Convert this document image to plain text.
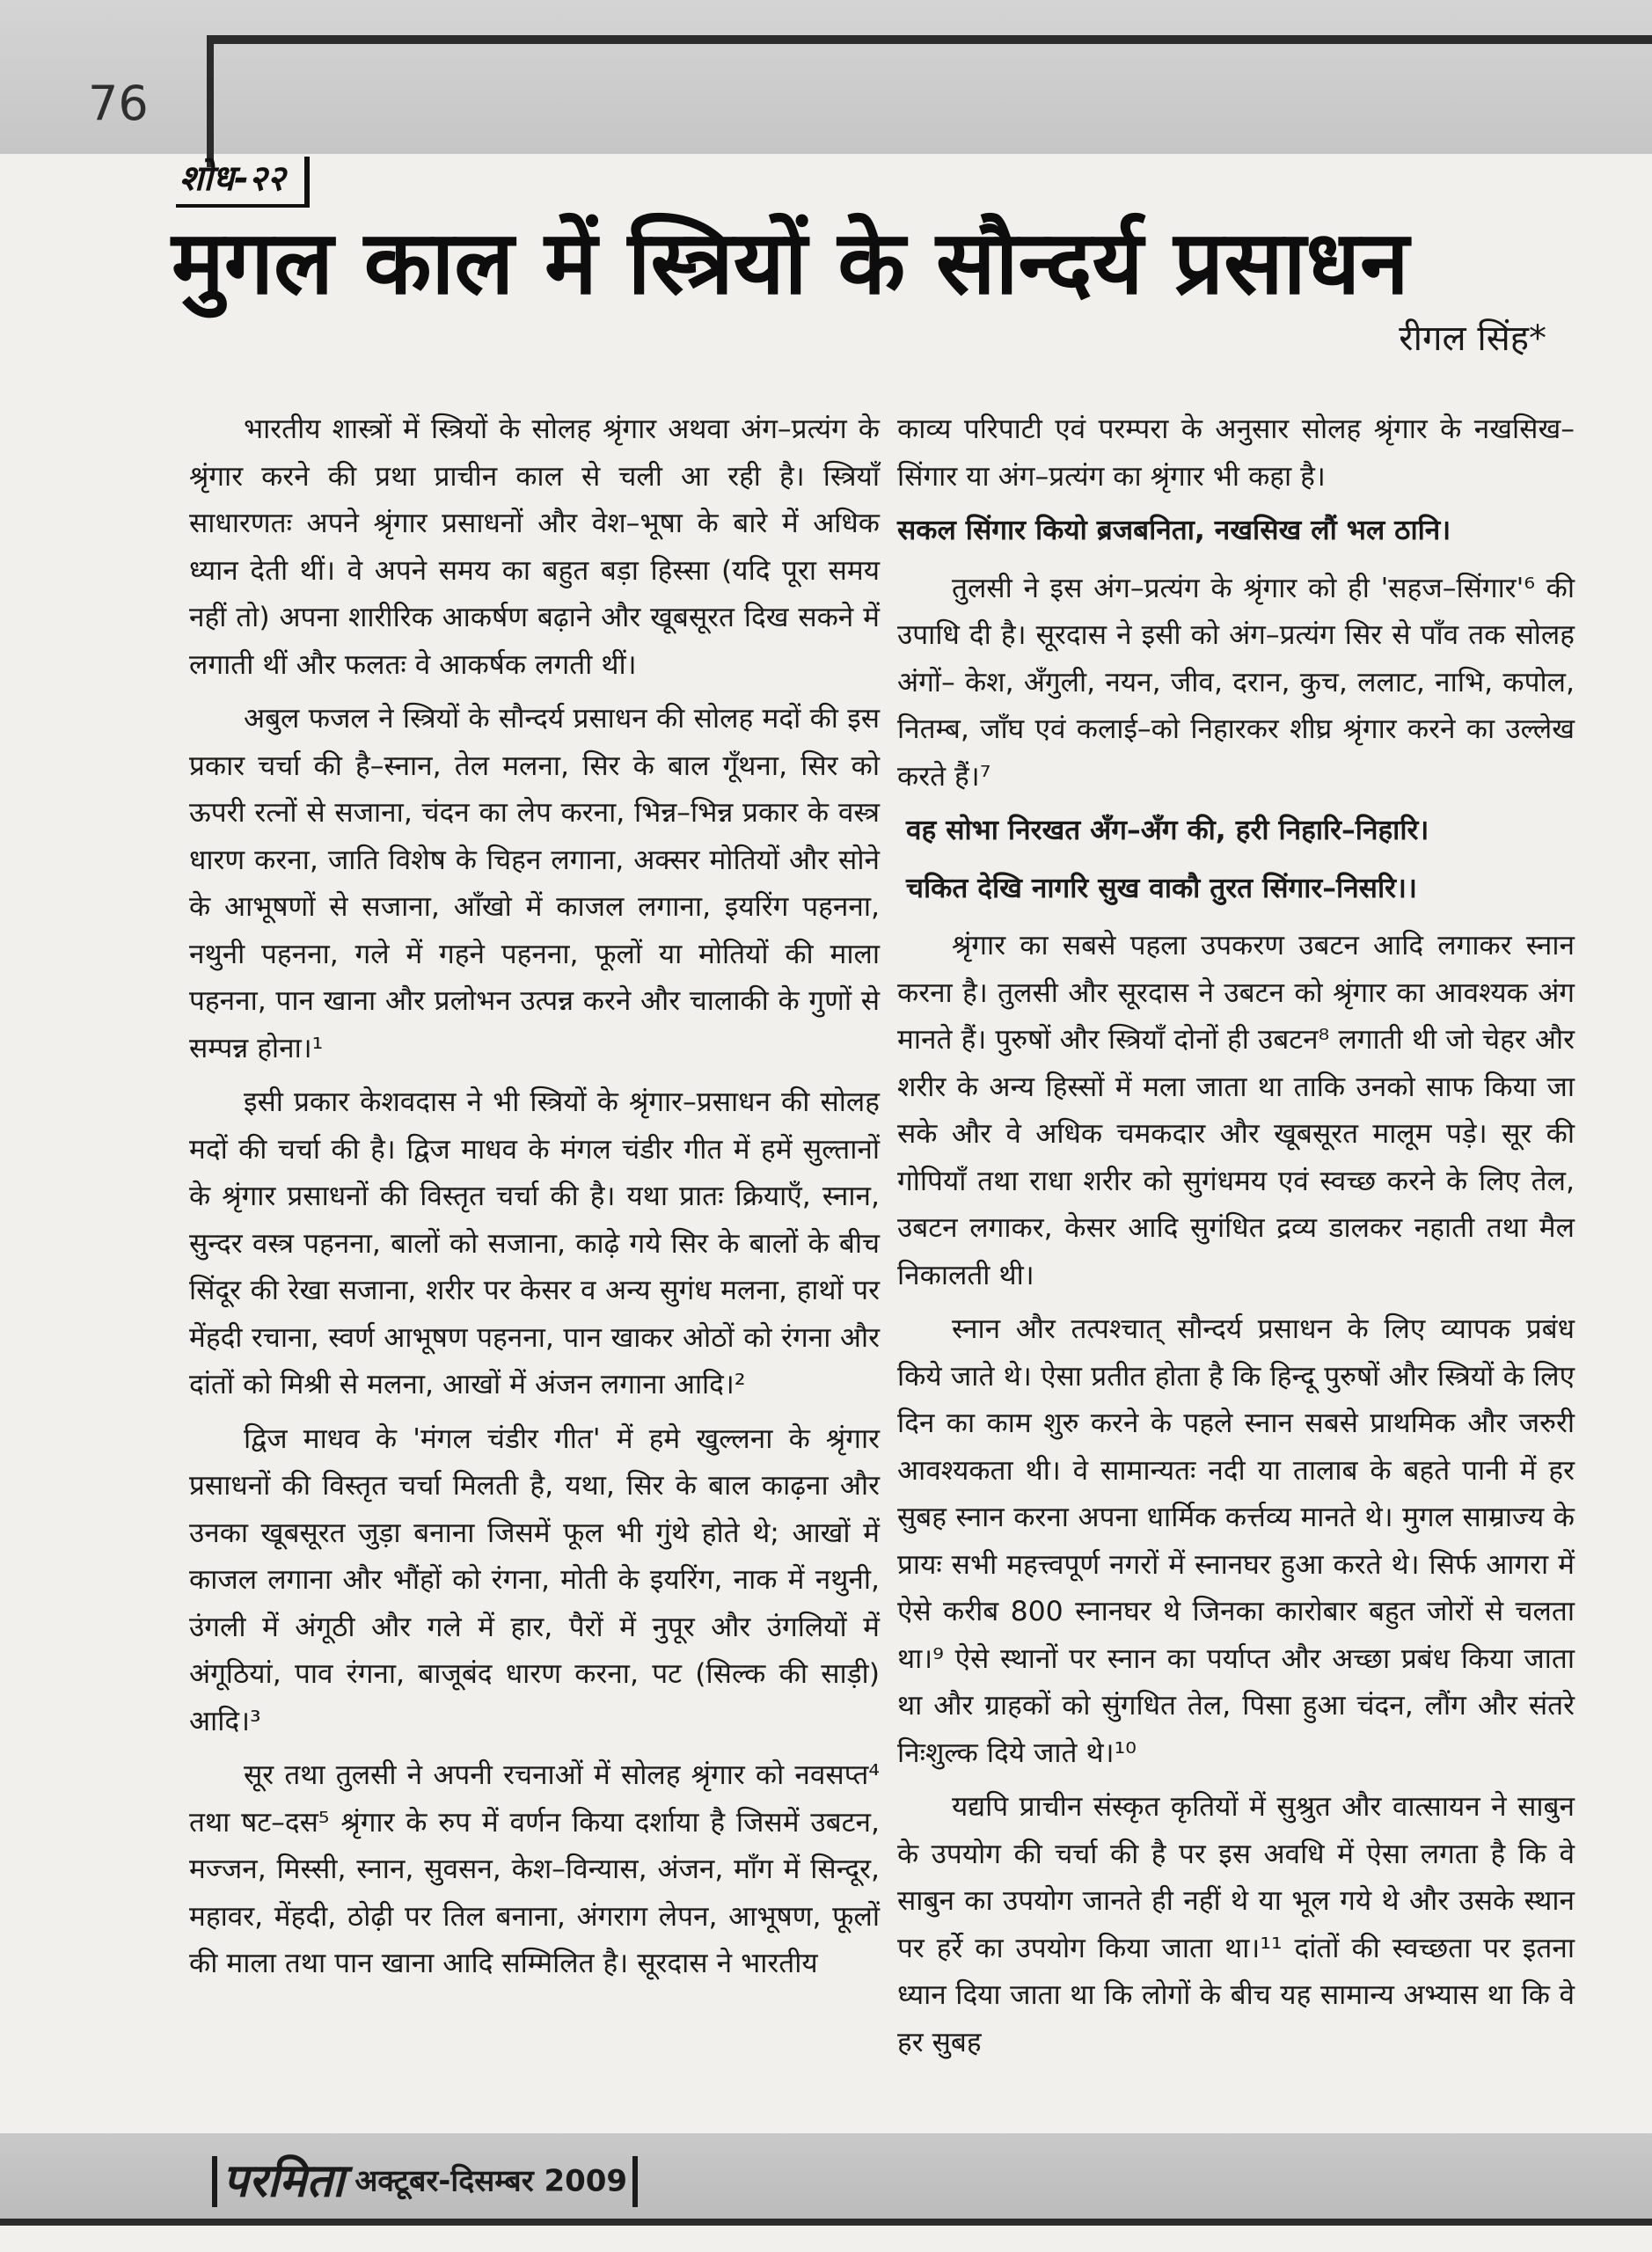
76
शोध-२२
मुगल काल में स्त्रियों के सौन्दर्य प्रसाधन
रीगल सिंह*

भारतीय शास्त्रों में स्त्रियों के सोलह श्रृंगार अथवा अंग–प्रत्यंग के श्रृंगार करने की प्रथा प्राचीन काल से चली आ रही है। स्त्रियाँ साधारणतः अपने श्रृंगार प्रसाधनों और वेश–भूषा के बारे में अधिक ध्यान देती थीं। वे अपने समय का बहुत बड़ा हिस्सा (यदि पूरा समय नहीं तो) अपना शारीरिक आकर्षण बढ़ाने और खूबसूरत दिख सकने में लगाती थीं और फलतः वे आकर्षक लगती थीं।

अबुल फजल ने स्त्रियों के सौन्दर्य प्रसाधन की सोलह मदों की इस प्रकार चर्चा की है–स्नान, तेल मलना, सिर के बाल गूँथना, सिर को ऊपरी रत्नों से सजाना, चंदन का लेप करना, भिन्न–भिन्न प्रकार के वस्त्र धारण करना, जाति विशेष के चिहन लगाना, अक्सर मोतियों और सोने के आभूषणों से सजाना, आँखो में काजल लगाना, इयरिंग पहनना, नथुनी पहनना, गले में गहने पहनना, फूलों या मोतियों की माला पहनना, पान खाना और प्रलोभन उत्पन्न करने और चालाकी के गुणों से सम्पन्न होना।¹

इसी प्रकार केशवदास ने भी स्त्रियों के श्रृंगार–प्रसाधन की सोलह मदों की चर्चा की है। द्विज माधव के मंगल चंडीर गीत में हमें सुल्तानों के श्रृंगार प्रसाधनों की विस्तृत चर्चा की है। यथा प्रातः क्रियाएँ, स्नान, सुन्दर वस्त्र पहनना, बालों को सजाना, काढ़े गये सिर के बालों के बीच सिंदूर की रेखा सजाना, शरीर पर केसर व अन्य सुगंध मलना, हाथों पर मेंहदी रचाना, स्वर्ण आभूषण पहनना, पान खाकर ओठों को रंगना और दांतों को मिश्री से मलना, आखों में अंजन लगाना आदि।²

द्विज माधव के 'मंगल चंडीर गीत' में हमे खुल्लना के श्रृंगार प्रसाधनों की विस्तृत चर्चा मिलती है, यथा, सिर के बाल काढ़ना और उनका खूबसूरत जुड़ा बनाना जिसमें फूल भी गुंथे होते थे; आखों में काजल लगाना और भौंहों को रंगना, मोती के इयरिंग, नाक में नथुनी, उंगली में अंगूठी और गले में हार, पैरों में नुपूर और उंगलियों में अंगूठियां, पाव रंगना, बाजूबंद धारण करना, पट (सिल्क की साड़ी) आदि।³

सूर तथा तुलसी ने अपनी रचनाओं में सोलह श्रृंगार को नवसप्त⁴ तथा षट–दस⁵ श्रृंगार के रुप में वर्णन किया दर्शाया है जिसमें उबटन, मज्जन, मिस्सी, स्नान, सुवसन, केश–विन्यास, अंजन, माँग में सिन्दूर, महावर, मेंहदी, ठोढ़ी पर तिल बनाना, अंगराग लेपन, आभूषण, फूलों की माला तथा पान खाना आदि सम्मिलित है। सूरदास ने भारतीय

काव्य परिपाटी एवं परम्परा के अनुसार सोलह श्रृंगार के नखसिख–सिंगार या अंग–प्रत्यंग का श्रृंगार भी कहा है।

सकल सिंगार कियो ब्रजबनिता, नखसिख लौं भल ठानि।

तुलसी ने इस अंग–प्रत्यंग के श्रृंगार को ही 'सहज–सिंगार'⁶ की उपाधि दी है। सूरदास ने इसी को अंग–प्रत्यंग सिर से पाँव तक सोलह अंगों– केश, अँगुली, नयन, जीव, दरान, कुच, ललाट, नाभि, कपोल, नितम्ब, जाँघ एवं कलाई–को निहारकर शीघ्र श्रृंगार करने का उल्लेख करते हैं।⁷

वह सोभा निरखत अँग–अँग की, हरी निहारि–निहारि।

चकित देखि नागरि सुख वाकौ तुरत सिंगार–निसरि।।

श्रृंगार का सबसे पहला उपकरण उबटन आदि लगाकर स्नान करना है। तुलसी और सूरदास ने उबटन को श्रृंगार का आवश्यक अंग मानते हैं। पुरुषों और स्त्रियाँ दोनों ही उबटन⁸ लगाती थी जो चेहर और शरीर के अन्य हिस्सों में मला जाता था ताकि उनको साफ किया जा सके और वे अधिक चमकदार और खूबसूरत मालूम पड़े। सूर की गोपियाँ तथा राधा शरीर को सुगंधमय एवं स्वच्छ करने के लिए तेल, उबटन लगाकर, केसर आदि सुगंधित द्रव्य डालकर नहाती तथा मैल निकालती थी।

स्नान और तत्पश्चात् सौन्दर्य प्रसाधन के लिए व्यापक प्रबंध किये जाते थे। ऐसा प्रतीत होता है कि हिन्दू पुरुषों और स्त्रियों के लिए दिन का काम शुरु करने के पहले स्नान सबसे प्राथमिक और जरुरी आवश्यकता थी। वे सामान्यतः नदी या तालाब के बहते पानी में हर सुबह स्नान करना अपना धार्मिक कर्त्तव्य मानते थे। मुगल साम्राज्य के प्रायः सभी महत्त्वपूर्ण नगरों में स्नानघर हुआ करते थे। सिर्फ आगरा में ऐसे करीब 800 स्नानघर थे जिनका कारोबार बहुत जोरों से चलता था।⁹ ऐसे स्थानों पर स्नान का पर्याप्त और अच्छा प्रबंध किया जाता था और ग्राहकों को सुंगधित तेल, पिसा हुआ चंदन, लौंग और संतरे निःशुल्क दिये जाते थे।¹⁰

यद्यपि प्राचीन संस्कृत कृतियों में सुश्रुत और वात्सायन ने साबुन के उपयोग की चर्चा की है पर इस अवधि में ऐसा लगता है कि वे साबुन का उपयोग जानते ही नहीं थे या भूल गये थे और उसके स्थान पर हर्रे का उपयोग किया जाता था।¹¹ दांतों की स्वच्छता पर इतना ध्यान दिया जाता था कि लोगों के बीच यह सामान्य अभ्यास था कि वे हर सुबह

परमिता अक्टूबर-दिसम्बर 2009
